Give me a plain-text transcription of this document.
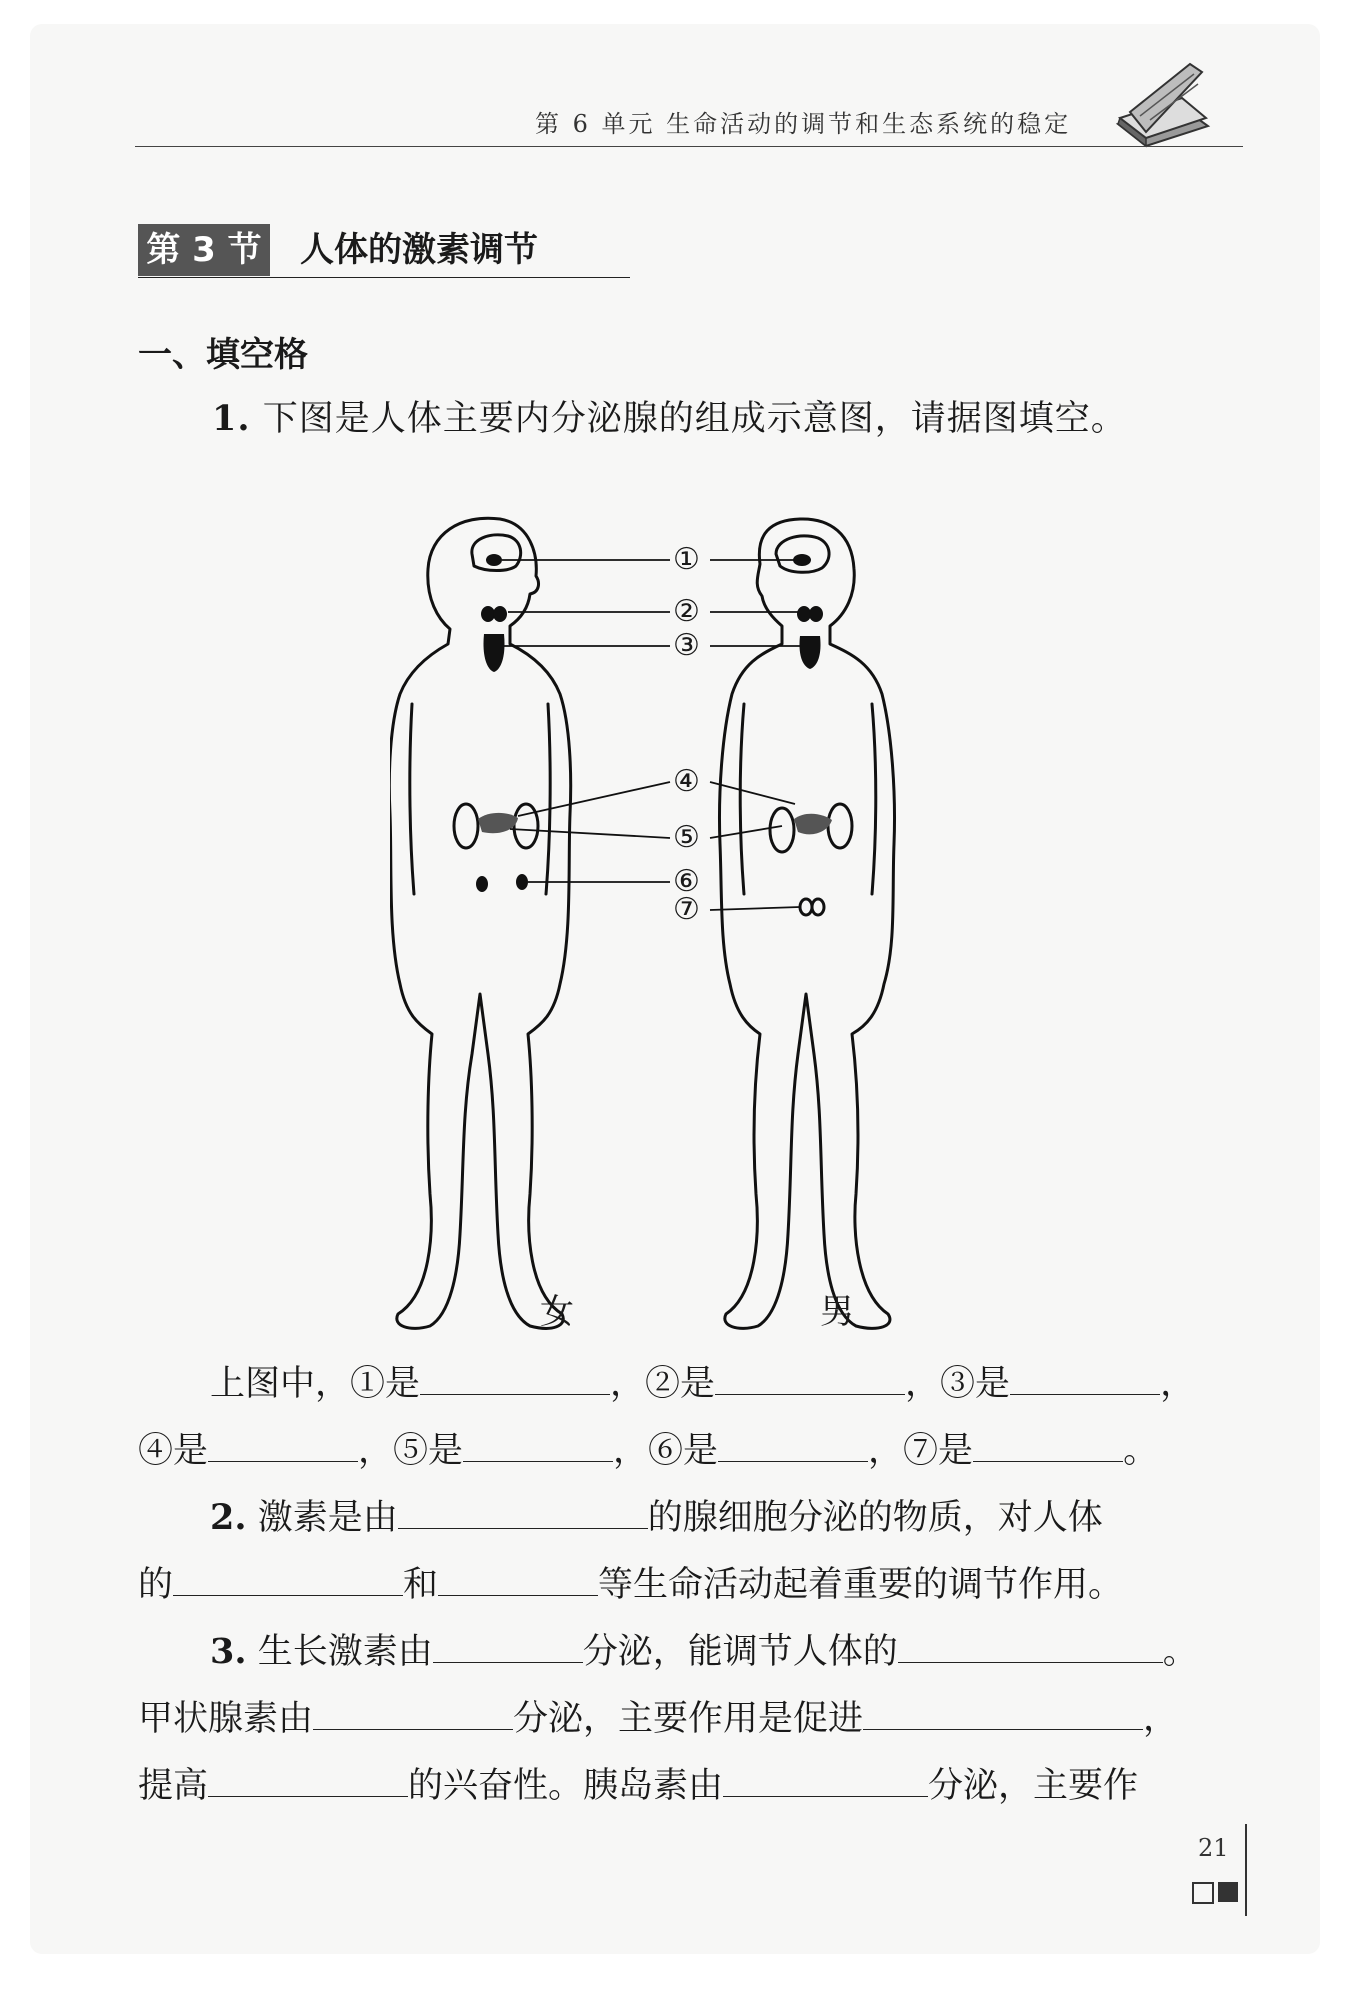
第 6 单元 生命活动的调节和生态系统的稳定
第 3 节 人体的激素调节
一、填空格
1. 下图是人体主要内分泌腺的组成示意图，请据图填空。
①
②
③
④
⑤
⑥
⑦
女	男
上图中，①是	，②是	，③是	，
④是	，⑤是	，⑥是	，⑦是	。
2. 激素是由	的腺细胞分泌的物质，对人体
的	和	等生命活动起着重要的调节作用。
3. 生长激素由	分泌，能调节人体的	。
甲状腺素由	分泌，主要作用是促进	，
提高	的兴奋性。胰岛素由	分泌，主要作
21
